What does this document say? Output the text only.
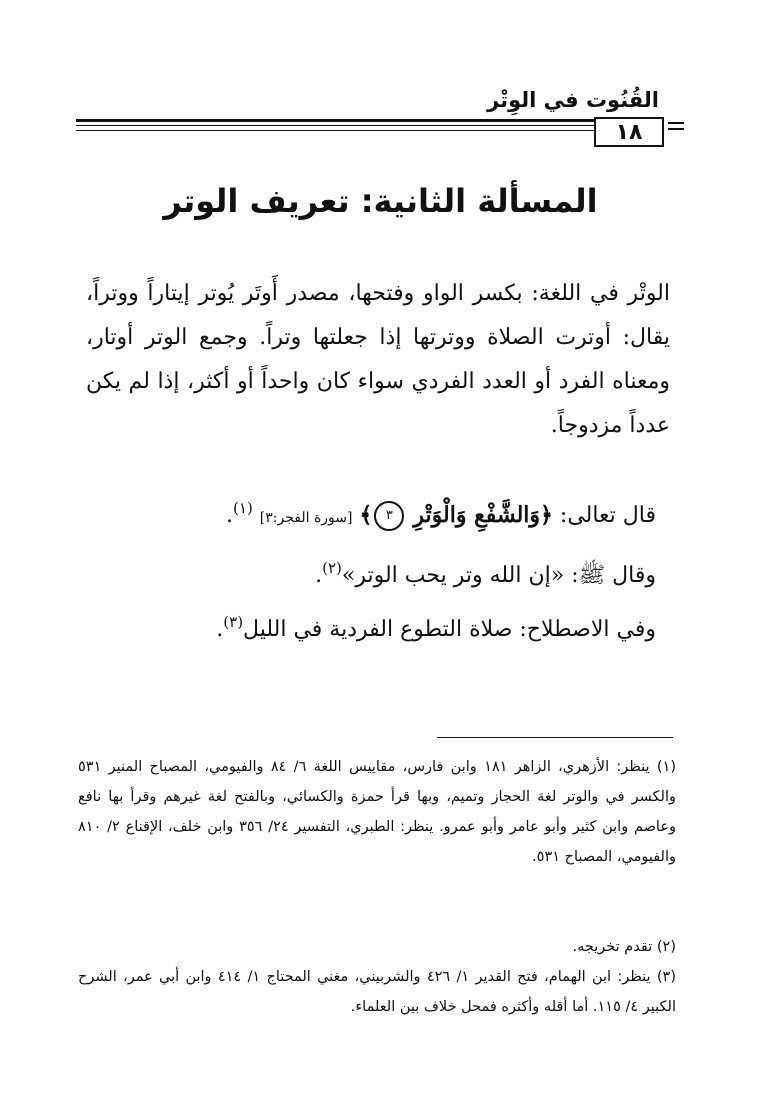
القُنُوت في الوِتْر
١٨
المسألة الثانية: تعريف الوتر

الوتْر في اللغة: بكسر الواو وفتحها، مصدر أَوتَر يُوتر إيتاراً ووتراً، يقال: أوترت الصلاة ووترتها إذا جعلتها وتراً. وجمع الوتر أوتار، ومعناه الفرد أو العدد الفردي سواء كان واحداً أو أكثر، إذا لم يكن عدداً مزدوجاً.

قال تعالى: ﴿وَالشَّفْعِ وَالْوَتْرِ ٣﴾ [سورة الفجر:٣] $^{(١)}$.
وقال ﷺ: «إن الله وتر يحب الوتر»$^{(٢)}$.
وفي الاصطلاح: صلاة التطوع الفردية في الليل$^{(٣)}$.
(١) ينظر: الأزهري، الزاهر ١٨١ وابن فارس، مقاييس اللغة ٦/ ٨٤ والفيومي، المصباح المنير ٥٣١ والكسر في والوتر لغة الحجاز وتميم، وبها قرأ حمزة والكسائي، وبالفتح لغة غيرهم وقرأ بها نافع وعاصم وابن كثير وأبو عامر وأبو عمرو. ينظر: الطبري، التفسير ٢٤/ ٣٥٦ وابن خلف، الإقناع ٢/ ٨١٠ والفيومي، المصباح ٥٣١.
(٢) تقدم تخريجه.
(٣) ينظر: ابن الهمام، فتح القدير ١/ ٤٢٦ والشربيني، مغني المحتاج ١/ ٤١٤ وابن أبي عمر، الشرح الكبير ٤/ ١١٥. أما أقله وأكثره فمحل خلاف بين العلماء.
